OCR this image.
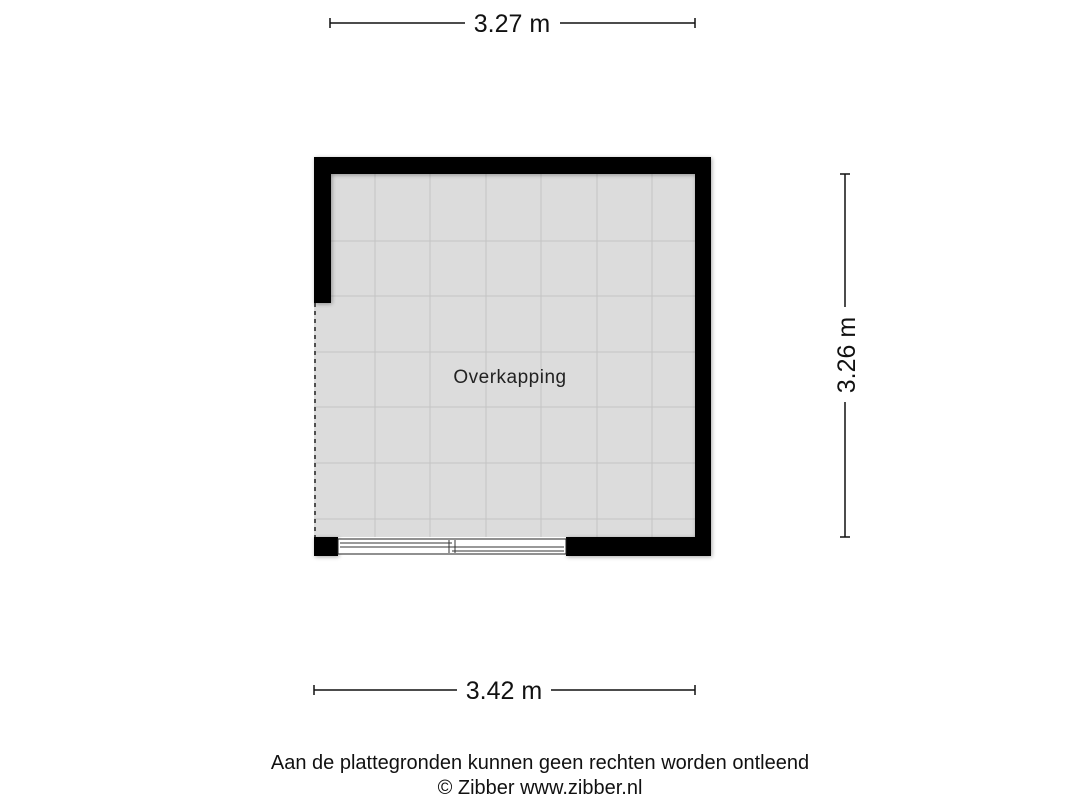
3.27 m
3.26 m
3.42 m
Overkapping
Aan de plattegronden kunnen geen rechten worden ontleend
© Zibber www.zibber.nl
